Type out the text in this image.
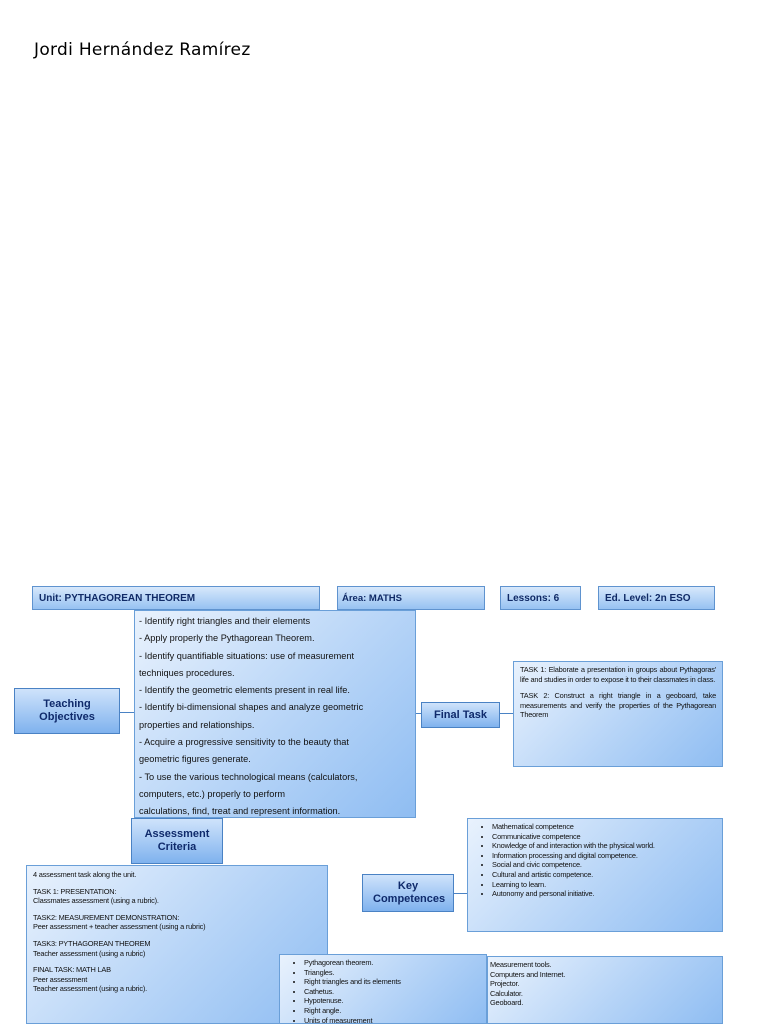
Jordi Hernández Ramírez
Unit: PYTHAGOREAN THEOREM	Área: MATHS	Lessons: 6	Ed. Level: 2n ESO
- Identify right triangles and their elements
- Apply properly the Pythagorean Theorem.
- Identify quantifiable situations: use of measurement
techniques procedures.
- Identify the geometric elements present in real life.
- Identify bi-dimensional shapes and analyze geometric
properties and relationships.
- Acquire a progressive sensitivity to the beauty that
geometric figures generate.
- To use the various technological means (calculators,
computers, etc.) properly to perform
calculations, find, treat and represent information.
Teaching Objectives	Final Task

TASK 1: Elaborate a presentation in groups about Pythagoras' life and studies in order to expose it to their classmates in class.

TASK 2: Construct a right triangle in a geoboard, take measurements and verify the properties of the Pythagorean Theorem

Assessment Criteria

4 assessment task along the unit.

TASK 1: PRESENTATION:
Classmates assessment (using a rubric).

TASK2: MEASUREMENT DEMONSTRATION:
Peer assessment + teacher assessment (using a rubric)

TASK3: PYTHAGOREAN THEOREM
Teacher assessment (using a rubric)

FINAL TASK: MATH LAB
Peer assessment
Teacher assessment (using a rubric).

Key Competences
• Mathematical competence
• Communicative competence
• Knowledge of and interaction with the physical world.
• Information processing and digital competence.
• Social and civic competence.
• Cultural and artistic competence.
• Learning to learn.
• Autonomy and personal initiative.
• Pythagorean theorem.
• Triangles.
• Right triangles and its elements
• Cathetus.
• Hypotenuse.
• Right angle.
• Units of measurement
Measurement tools.
Computers and Internet.
Projector.
Calculator.
Geoboard.
